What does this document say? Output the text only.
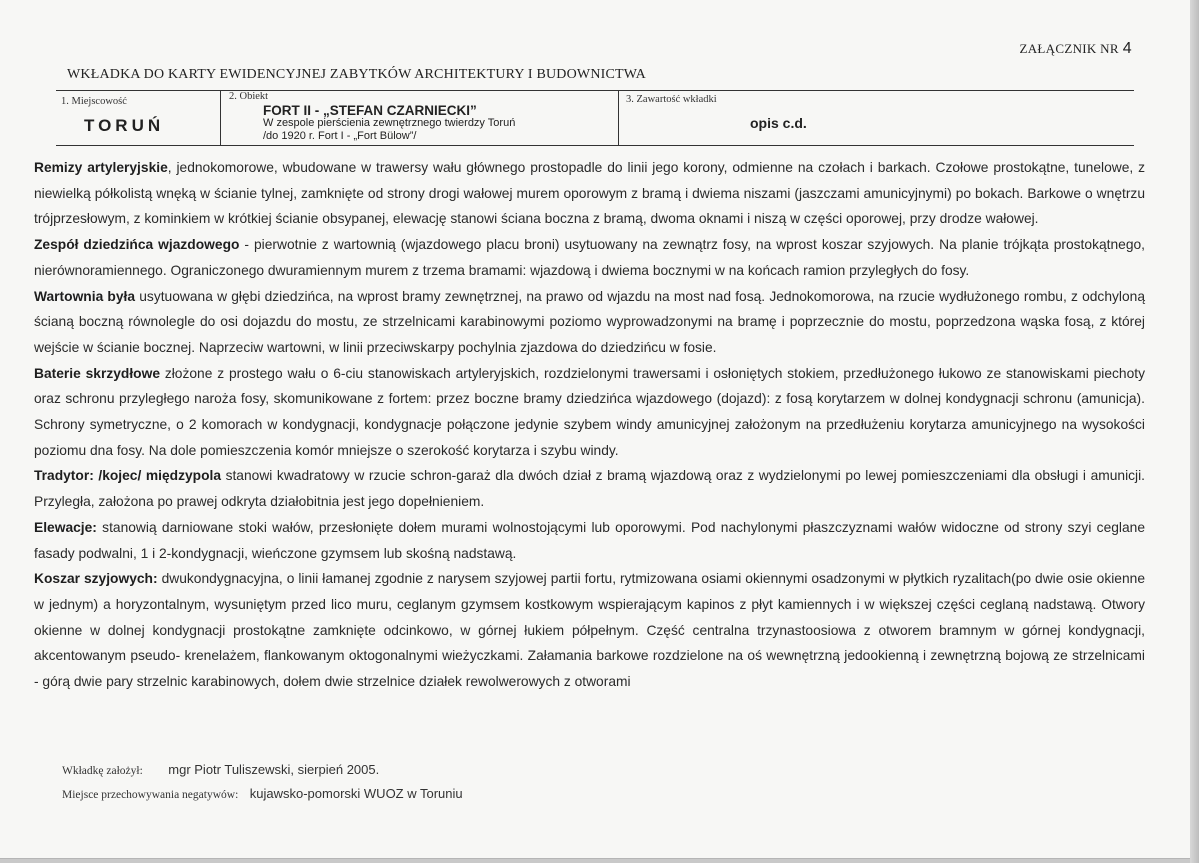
ZAŁĄCZNIK NR 4
WKŁADKA DO KARTY EWIDENCYJNEJ ZABYTKÓW ARCHITEKTURY I BUDOWNICTWA
1. Miejscowość
TORUŃ
2. Obiekt
FORT II - „STEFAN CZARNIECKI”
W zespole pierścienia zewnętrznego twierdzy Toruń
/do 1920 r. Fort I - „Fort Bülow”/
3. Zawartość wkładki
opis c.d.

Remizy artyleryjskie, jednokomorowe, wbudowane w trawersy wału głównego prostopadle do linii jego korony, odmienne na czołach i barkach. Czołowe prostokątne, tunelowe, z niewielką półkolistą wnęką w ścianie tylnej, zamknięte od strony drogi wałowej murem oporowym z bramą i dwiema niszami (jaszczami amunicyjnymi) po bokach. Barkowe o wnętrzu trójprzesłowym, z kominkiem w krótkiej ścianie obsypanej, elewację stanowi ściana boczna z bramą, dwoma oknami i niszą w części oporowej, przy drodze wałowej.

Zespół dziedzińca wjazdowego - pierwotnie z wartownią (wjazdowego placu broni) usytuowany na zewnątrz fosy, na wprost koszar szyjowych. Na planie trójkąta prostokątnego, nierównoramiennego. Ograniczonego dwuramiennym murem z trzema bramami: wjazdową i dwiema bocznymi w na końcach ramion przyległych do fosy.

Wartownia była usytuowana w głębi dziedzińca, na wprost bramy zewnętrznej, na prawo od wjazdu na most nad fosą. Jednokomorowa, na rzucie wydłużonego rombu, z odchyloną ścianą boczną równolegle do osi dojazdu do mostu, ze strzelnicami karabinowymi poziomo wyprowadzonymi na bramę i poprzecznie do mostu, poprzedzona wąska fosą, z której wejście w ścianie bocznej. Naprzeciw wartowni, w linii przeciwskarpy pochylnia zjazdowa do dziedzińcu w fosie.

Baterie skrzydłowe złożone z prostego wału o 6-ciu stanowiskach artyleryjskich, rozdzielonymi trawersami i osłoniętych stokiem, przedłużonego łukowo ze stanowiskami piechoty oraz schronu przyległego naroża fosy, skomunikowane z fortem: przez boczne bramy dziedzińca wjazdowego (dojazd): z fosą korytarzem w dolnej kondygnacji schronu (amunicja). Schrony symetryczne, o 2 komorach w kondygnacji, kondygnacje połączone jedynie szybem windy amunicyjnej założonym na przedłużeniu korytarza amunicyjnego na wysokości poziomu dna fosy. Na dole pomieszczenia komór mniejsze o szerokość korytarza i szybu windy.

Tradytor: /kojec/ międzypola stanowi kwadratowy w rzucie schron-garaż dla dwóch dział z bramą wjazdową oraz z wydzielonymi po lewej pomieszczeniami dla obsługi i amunicji. Przyległa, założona po prawej odkryta działobitnia jest jego dopełnieniem.

Elewacje: stanowią darniowane stoki wałów, przesłonięte dołem murami wolnostojącymi lub oporowymi. Pod nachylonymi płaszczyznami wałów widoczne od strony szyi ceglane fasady podwalni, 1 i 2-kondygnacji, wieńczone gzymsem lub skośną nadstawą.

Koszar szyjowych: dwukondygnacyjna, o linii łamanej zgodnie z narysem szyjowej partii fortu, rytmizowana osiami okiennymi osadzonymi w płytkich ryzalitach(po dwie osie okienne w jednym) a horyzontalnym, wysuniętym przed lico muru, ceglanym gzymsem kostkowym wspierającym kapinos z płyt kamiennych i w większej części ceglaną nadstawą. Otwory okienne w dolnej kondygnacji prostokątne zamknięte odcinkowo, w górnej łukiem półpełnym. Część centralna trzynastoosiowa z otworem bramnym w górnej kondygnacji, akcentowanym pseudo- krenelażem, flankowanym oktogonalnymi wieżyczkami. Załamania barkowe rozdzielone na oś wewnętrzną jedookienną i zewnętrzną bojową ze strzelnicami - górą dwie pary strzelnic karabinowych, dołem dwie strzelnice działek rewolwerowych z otworami

Wkładkę założył: mgr Piotr Tuliszewski, sierpień 2005.
Miejsce przechowywania negatywów: kujawsko-pomorski WUOZ w Toruniu
